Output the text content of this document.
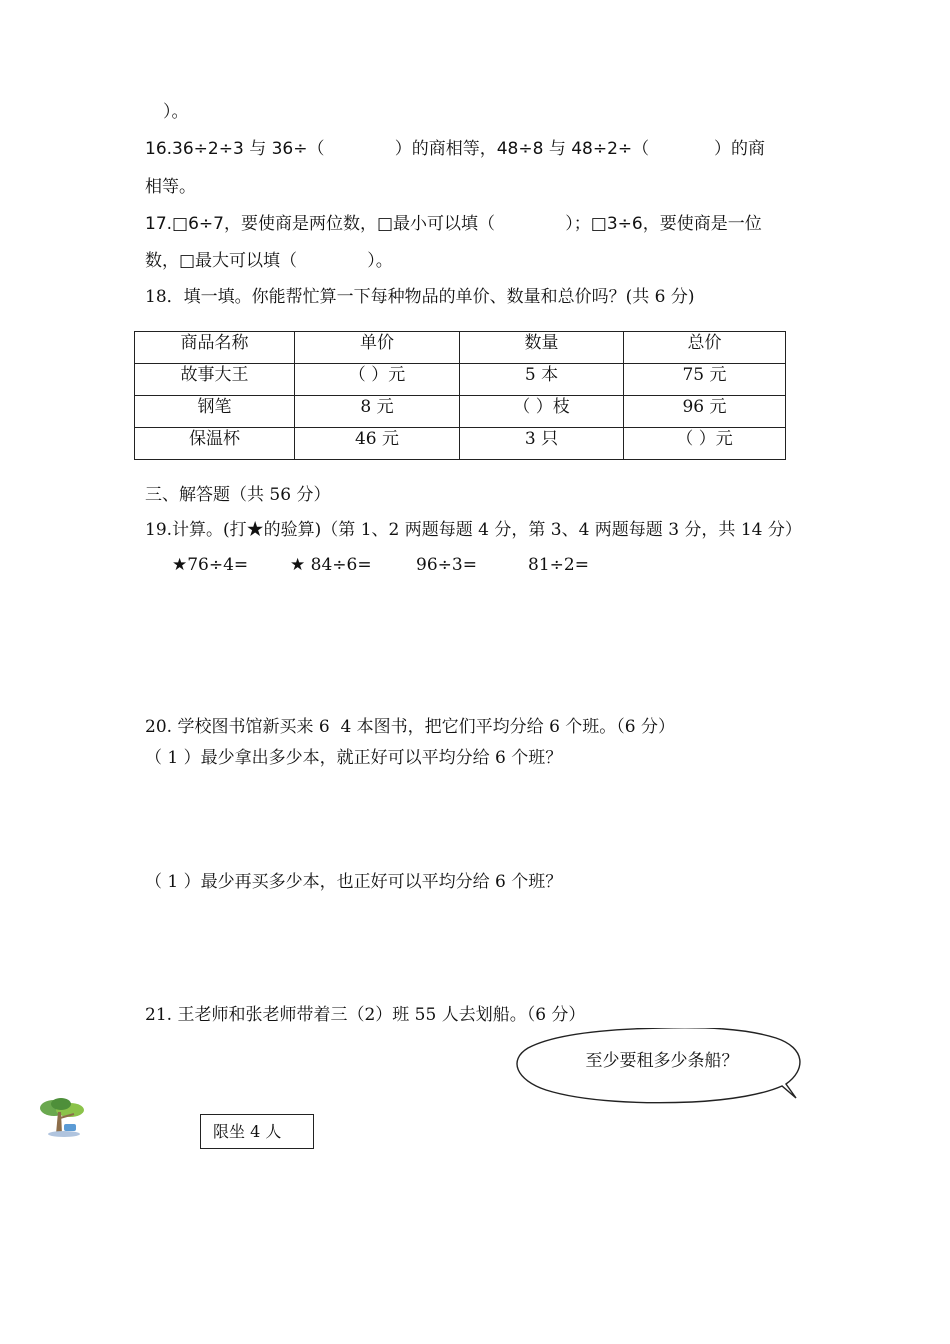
）。
16.36÷2÷3 与 36÷（             ）的商相等，48÷8 与 48÷2÷（            ）的商
相等。
17.□6÷7，要使商是两位数，□最小可以填（             ）；□3÷6，要使商是一位
数，□最大可以填（             ）。
18．填一填。你能帮忙算一下每种物品的单价、数量和总价吗？(共 6 分)
商品名称	单价	数量	总价
故事大王	（ ）元	5 本	75 元
钢笔	8 元	（ ）枝	96 元
保温杯	46 元	3 只	（ ）元
三、解答题（共 56 分）
19.计算。(打★的验算)（第 1、2 两题每题 4 分，第 3、4 两题每题 3 分，共 14 分）
★76÷4= ★ 84÷6=	96÷3=	81÷2=
20. 学校图书馆新买来 6  4 本图书，把它们平均分给 6 个班。（6 分）
（ 1 ）最少拿出多少本，就正好可以平均分给 6 个班？
（ 1 ）最少再买多少本，也正好可以平均分给 6 个班？
21. 王老师和张老师带着三（2）班 55 人去划船。（6 分）
至少要租多少条船？
限坐 4 人
